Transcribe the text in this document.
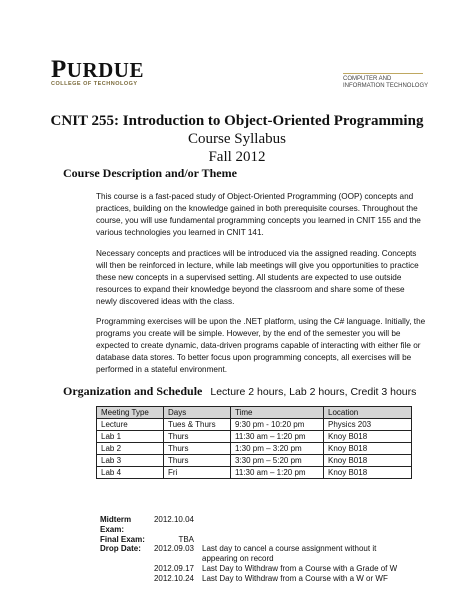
PURDUE
COLLEGE OF TECHNOLOGY
COMPUTER AND
INFORMATION TECHNOLOGY
CNIT 255: Introduction to Object-Oriented Programming
Course Syllabus
Fall 2012
Course Description and/or Theme

This course is a fast-paced study of Object-Oriented Programming (OOP) concepts and practices, building on the knowledge gained in both prerequisite courses. Throughout the course, you will use fundamental programming concepts you learned in CNIT 155 and the various technologies you learned in CNIT 141.

Necessary concepts and practices will be introduced via the assigned reading. Concepts will then be reinforced in lecture, while lab meetings will give you opportunities to practice these new concepts in a supervised setting. All students are expected to use outside resources to expand their knowledge beyond the classroom and share some of these newly discovered ideas with the class.

Programming exercises will be upon the .NET platform, using the C# language. Initially, the programs you create will be simple. However, by the end of the semester you will be expected to create dynamic, data-driven programs capable of interacting with either file or database data stores. To better focus upon programming concepts, all exercises will be performed in a stateful environment.

Organization and Schedule Lecture 2 hours, Lab 2 hours, Credit 3 hours
Meeting Type	Days	Time	Location
Lecture	Tues & Thurs	9:30 pm - 10:20 pm	Physics 203
Lab 1	Thurs	11:30 am – 1:20 pm	Knoy B018
Lab 2	Thurs	1:30 pm – 3:20 pm	Knoy B018
Lab 3	Thurs	3:30 pm – 5:20 pm	Knoy B018
Lab 4	Fri	11:30 am – 1:20 pm	Knoy B018
Midterm Exam:
2012.10.04
Final Exam:	TBA
Drop Date:	2012.09.03	Last day to cancel a course assignment without it
appearing on record
2012.09.17	Last Day to Withdraw from a Course with a Grade of W
2012.10.24	Last Day to Withdraw from a Course with a W or WF
